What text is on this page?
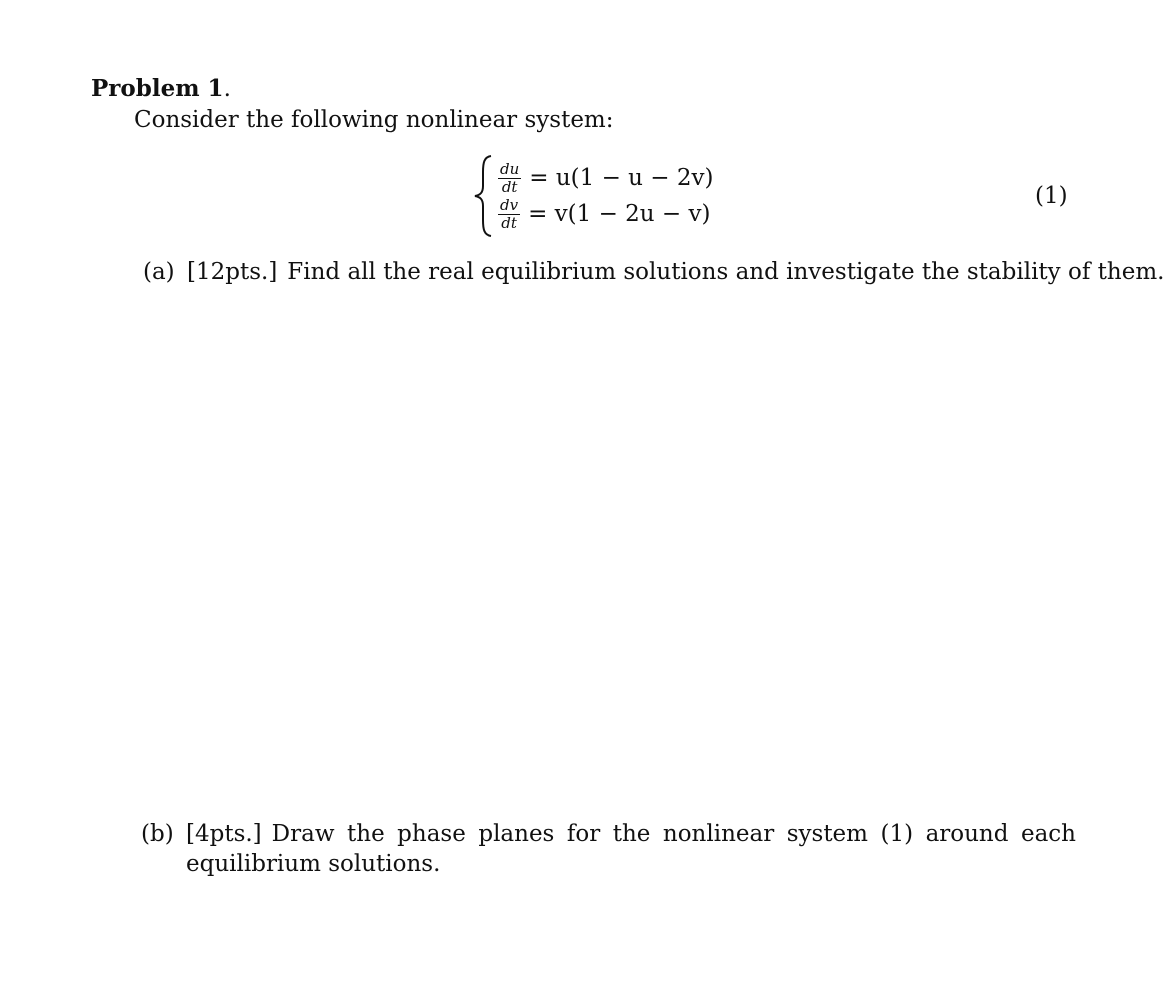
Problem 1.
Consider the following nonlinear system:
$\frac{du}{dt} = u(1 - u - 2v)$
$\frac{dv}{dt} = v(1 - 2u - v)$
(1)
(a) [12pts.] Find all the real equilibrium solutions and investigate the stability of them.
(b) [4pts.] Draw the phase planes for the nonlinear system (1) around each equilibrium solutions.
